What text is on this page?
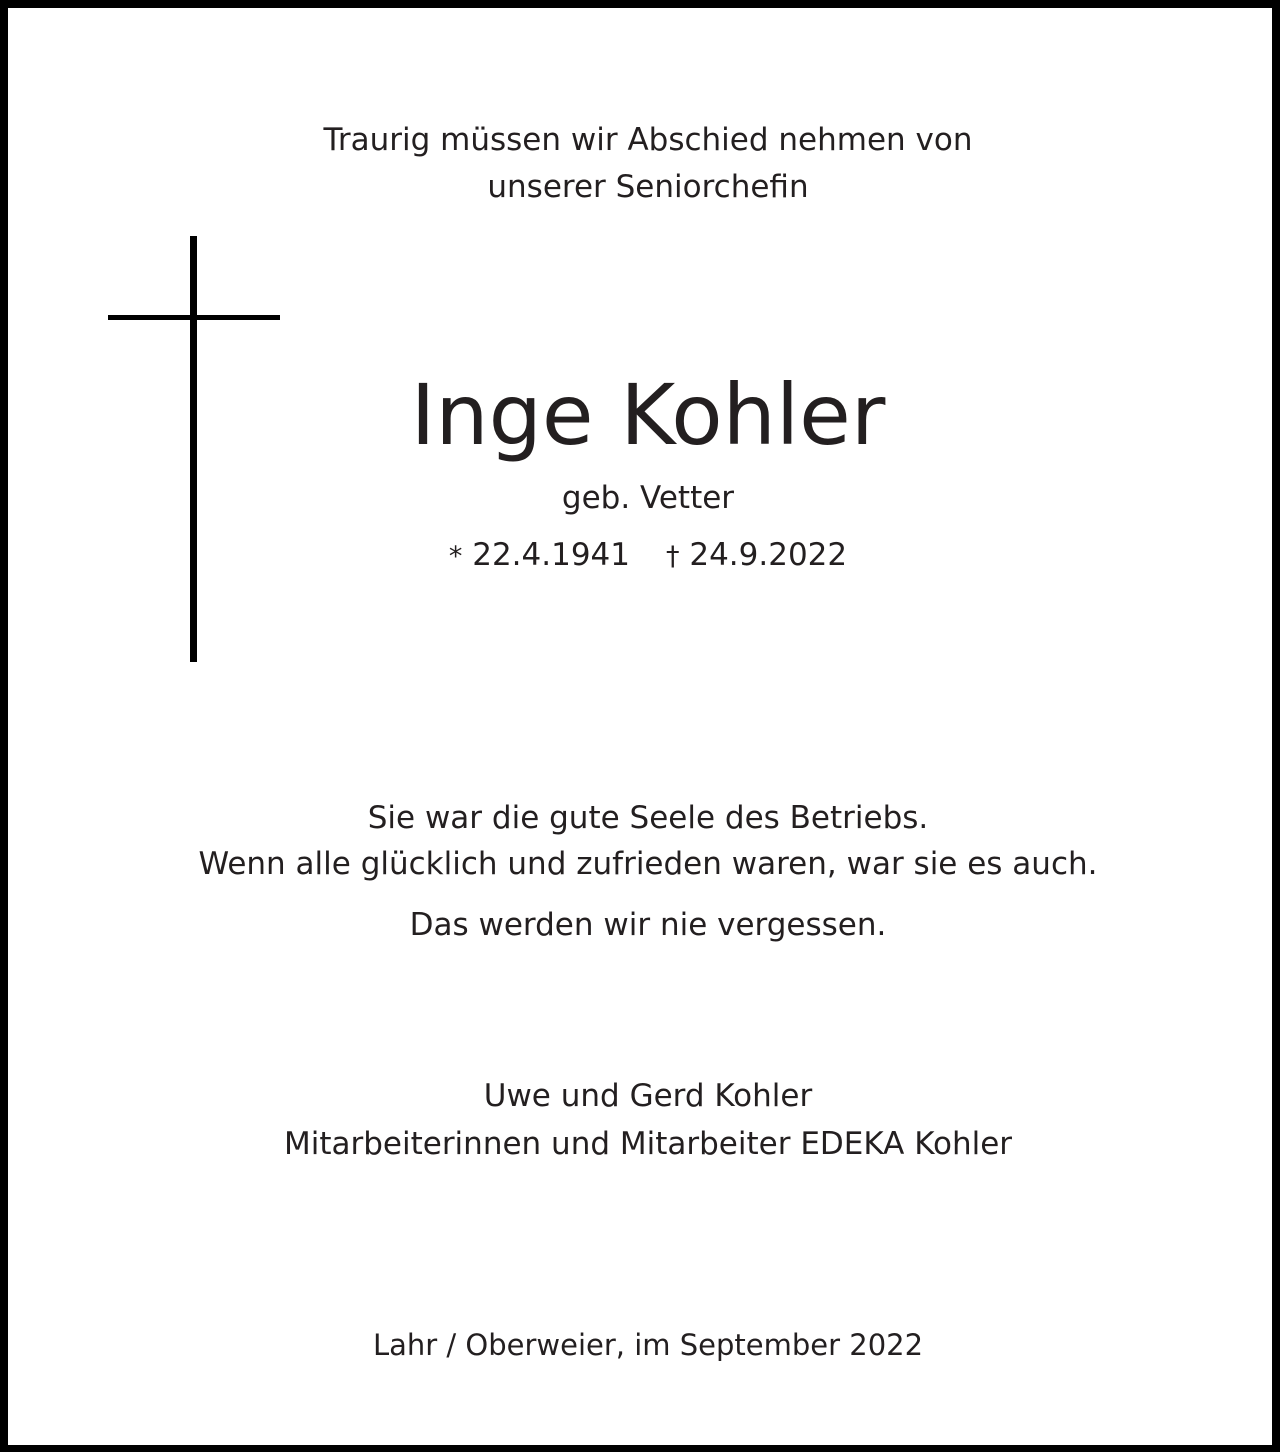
Traurig müssen wir Abschied nehmen von
unserer Seniorchefin
Inge Kohler
geb. Vetter
* 22.4.1941 † 24.9.2022
Sie war die gute Seele des Betriebs.
Wenn alle glücklich und zufrieden waren, war sie es auch.
Das werden wir nie vergessen.
Uwe und Gerd Kohler
Mitarbeiterinnen und Mitarbeiter EDEKA Kohler
Lahr / Oberweier, im September 2022
